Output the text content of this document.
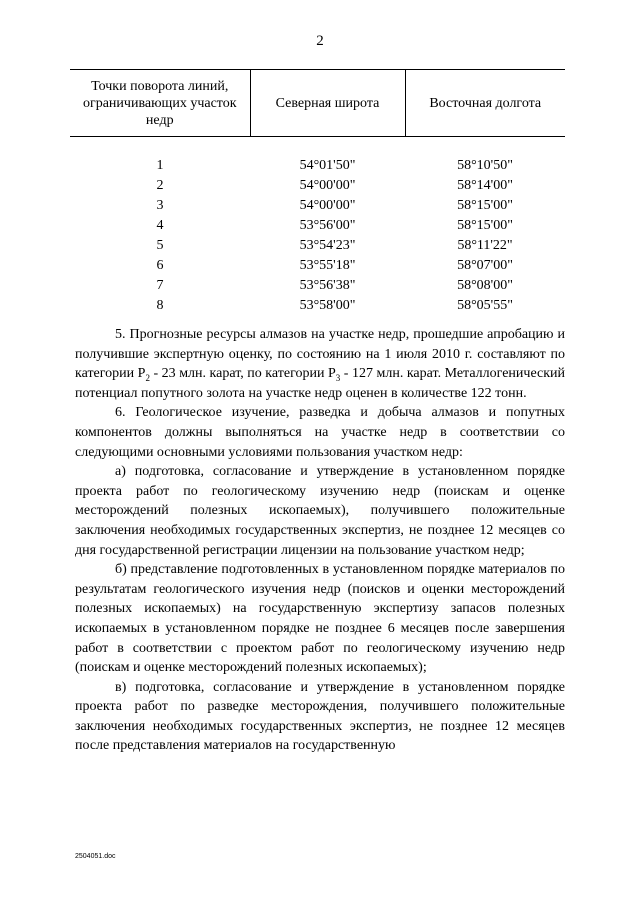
2
Точки поворота линий, ограничивающих участок недр	Северная широта	Восточная долгота

1	54°01'50"	58°10'50"
2	54°00'00"	58°14'00"
3	54°00'00"	58°15'00"
4	53°56'00"	58°15'00"
5	53°54'23"	58°11'22"
6	53°55'18"	58°07'00"
7	53°56'38"	58°08'00"
8	53°58'00"	58°05'55"

5. Прогнозные ресурсы алмазов на участке недр, прошедшие апробацию и получившие экспертную оценку, по состоянию на 1 июля 2010 г. составляют по категории $Р_2 - 23$ млн. карат, по категории $Р_3 - 127$ млн. карат. Металлогенический потенциал попутного золота на участке недр оценен в количестве 122 тонн.

6. Геологическое изучение, разведка и добыча алмазов и попутных компонентов должны выполняться на участке недр в соответствии со следующими основными условиями пользования участком недр:

а) подготовка, согласование и утверждение в установленном порядке проекта работ по геологическому изучению недр (поискам и оценке месторождений полезных ископаемых), получившего положительные заключения необходимых государственных экспертиз, не позднее 12 месяцев со дня государственной регистрации лицензии на пользование участком недр;

б) представление подготовленных в установленном порядке материалов по результатам геологического изучения недр (поисков и оценки месторождений полезных ископаемых) на государственную экспертизу запасов полезных ископаемых в установленном порядке не позднее 6 месяцев после завершения работ в соответствии с проектом работ по геологическому изучению недр (поискам и оценке месторождений полезных ископаемых);

в) подготовка, согласование и утверждение в установленном порядке проекта работ по разведке месторождения, получившего положительные заключения необходимых государственных экспертиз, не позднее 12 месяцев после представления материалов на государственную

2504051.doc
